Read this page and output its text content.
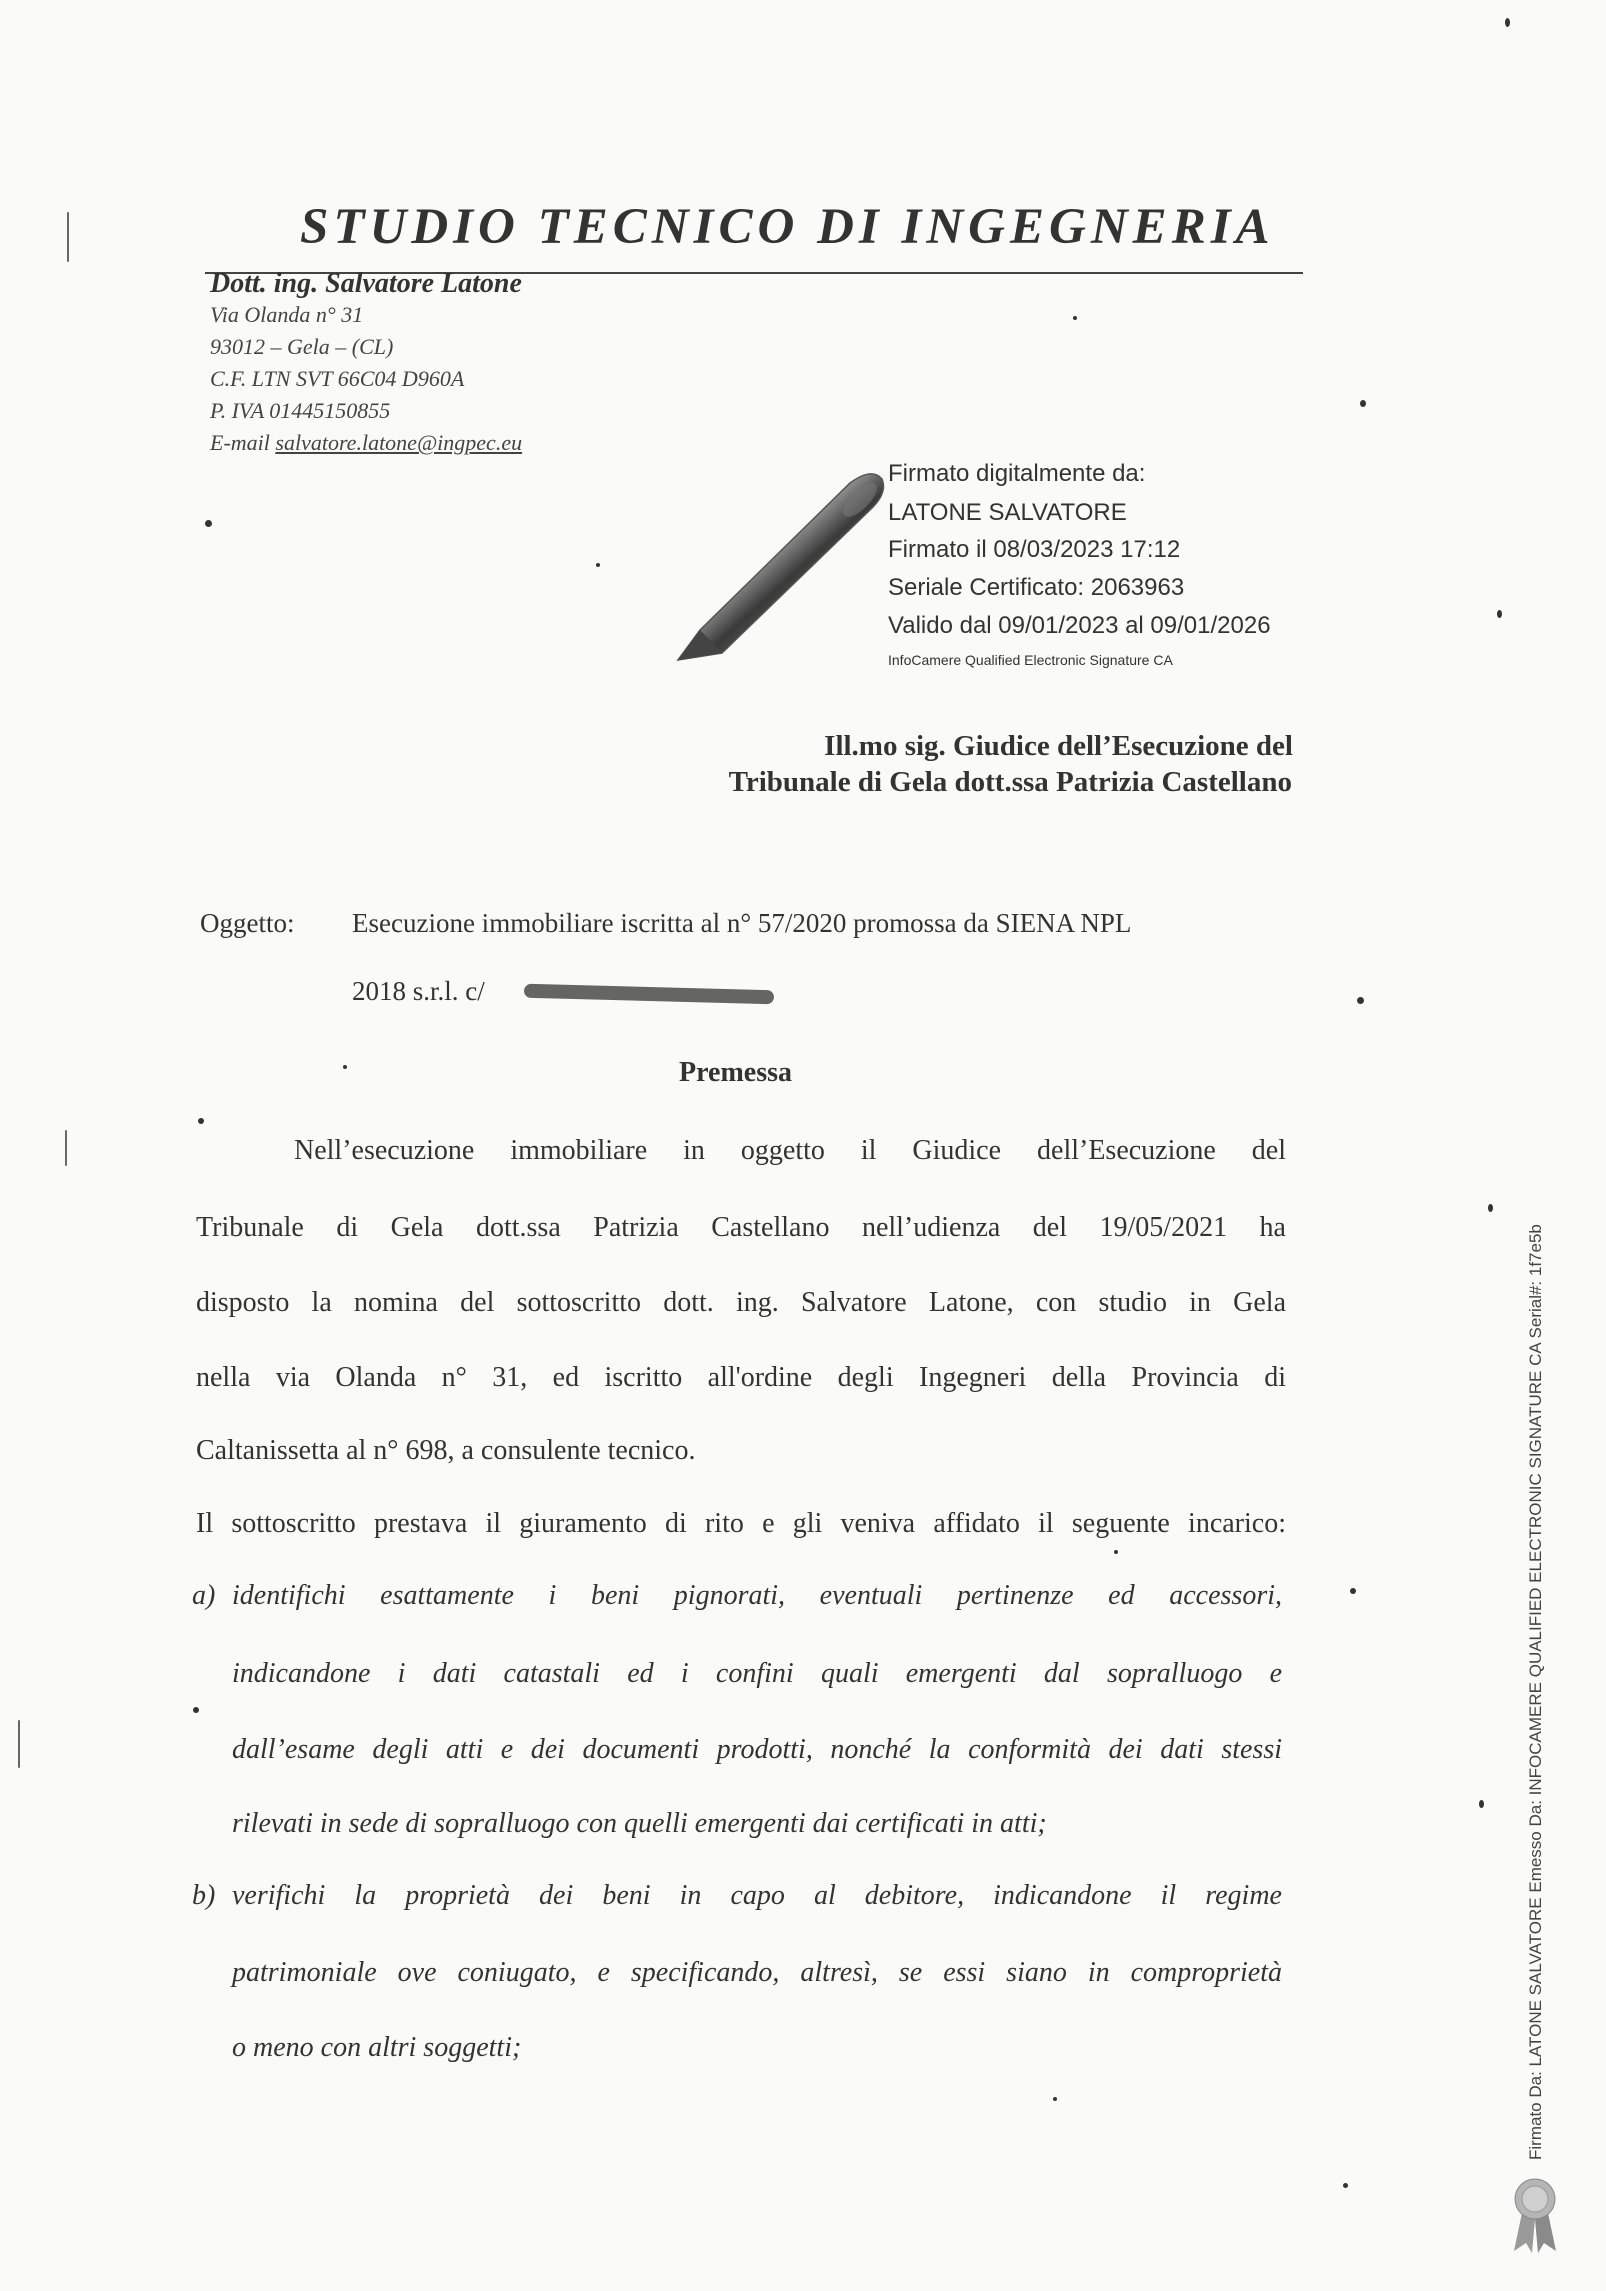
STUDIO TECNICO DI INGEGNERIA
Dott. ing. Salvatore Latone
Via Olanda n° 31
93012 – Gela – (CL)
C.F. LTN SVT 66C04 D960A
P. IVA 01445150855
E-mail salvatore.latone@ingpec.eu
Firmato digitalmente da:
LATONE SALVATORE
Firmato il 08/03/2023 17:12
Seriale Certificato: 2063963
Valido dal 09/01/2023 al 09/01/2026
InfoCamere Qualified Electronic Signature CA
Ill.mo sig. Giudice dell’Esecuzione del
Tribunale di Gela dott.ssa Patrizia Castellano
Oggetto: Esecuzione immobiliare iscritta al n° 57/2020 promossa da SIENA NPL
2018 s.r.l. c/
Premessa
Nell’esecuzione immobiliare in oggetto il Giudice dell’Esecuzione del
Tribunale di Gela dott.ssa Patrizia Castellano nell’udienza del 19/05/2021 ha
disposto la nomina del sottoscritto dott. ing. Salvatore Latone, con studio in Gela
nella via Olanda n° 31, ed iscritto all'ordine degli Ingegneri della Provincia di
Caltanissetta al n° 698, a consulente tecnico.
Il sottoscritto prestava il giuramento di rito e gli veniva affidato il seguente incarico:
a) identifichi esattamente i beni pignorati, eventuali pertinenze ed accessori,
indicandone i dati catastali ed i confini quali emergenti dal sopralluogo e
dall’esame degli atti e dei documenti prodotti, nonché la conformità dei dati stessi
rilevati in sede di sopralluogo con quelli emergenti dai certificati in atti;
b) verifichi la proprietà dei beni in capo al debitore, indicandone il regime
patrimoniale ove coniugato, e specificando, altresì, se essi siano in comproprietà
o meno con altri soggetti;	Firmato Da: LATONE SALVATORE Emesso Da: INFOCAMERE QUALIFIED ELECTRONIC SIGNATURE CA Serial#: 1f7e5b
